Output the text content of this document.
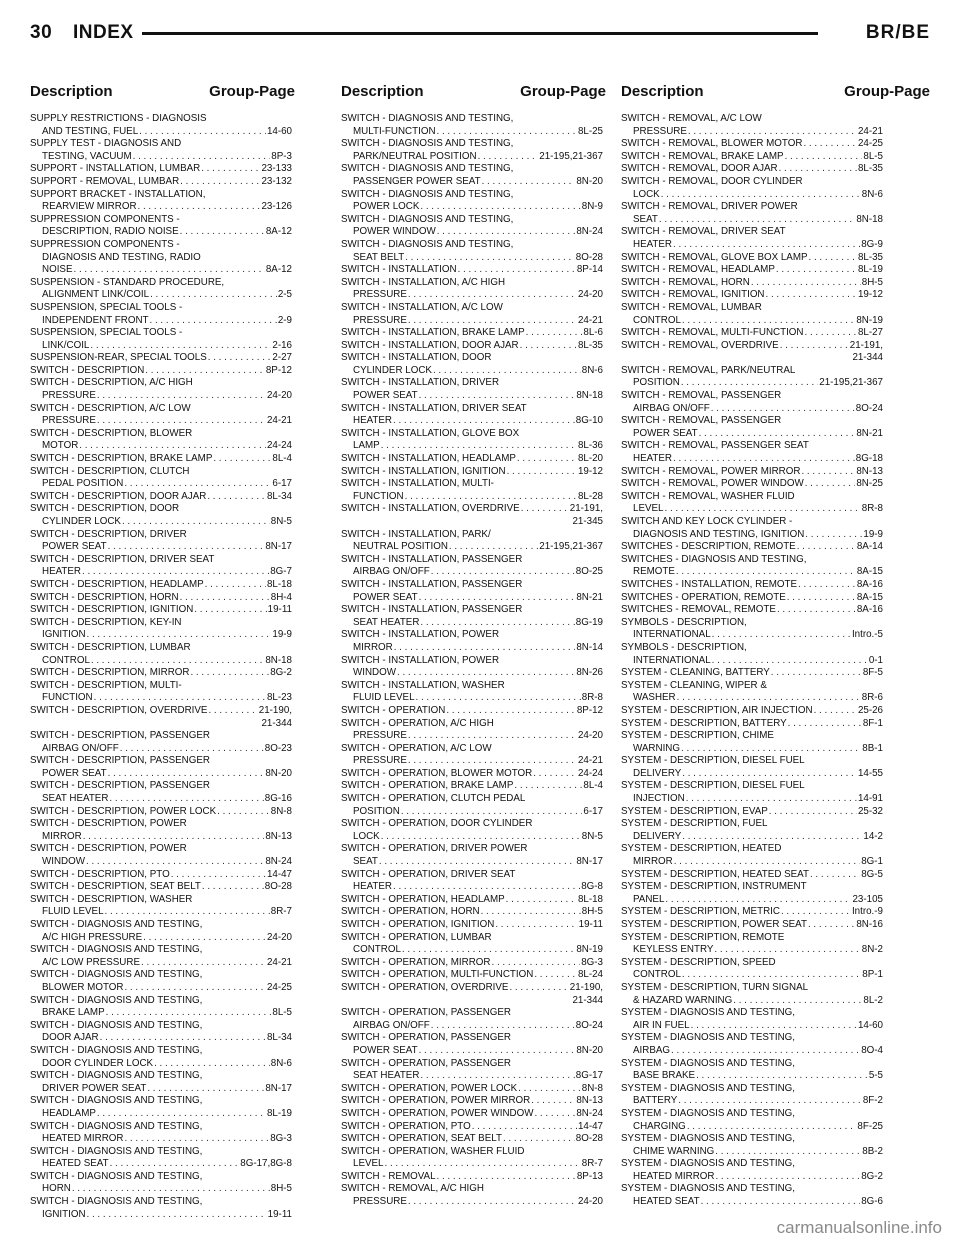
30 INDEX	BR/BE
Description	Group-Page	Description	Group-Page Description	Group-Page
SUPPLY RESTRICTIONS - DIAGNOSIS
AND TESTING, FUEL . . .	14-60
SUPPLY TEST - DIAGNOSIS AND
TESTING, VACUUM . . .	8P-3
SUPPORT - INSTALLATION, LUMBAR . . .	23-133
SUPPORT - REMOVAL, LUMBAR . . .	23-132
SUPPORT BRACKET - INSTALLATION,
REARVIEW MIRROR . . .	23-126
SUPPRESSION COMPONENTS -
DESCRIPTION, RADIO NOISE . . .	8A-12
SUPPRESSION COMPONENTS -
DIAGNOSIS AND TESTING, RADIO
NOISE . . .	8A-12
SUSPENSION - STANDARD PROCEDURE,
ALIGNMENT LINK/COIL . . .	2-5
SUSPENSION, SPECIAL TOOLS -
INDEPENDENT FRONT . . .	2-9
SUSPENSION, SPECIAL TOOLS -
LINK/COIL . . .	2-16
SUSPENSION-REAR, SPECIAL TOOLS . . .	2-27
SWITCH - DESCRIPTION . . .	8P-12
SWITCH - DESCRIPTION, A/C HIGH
PRESSURE . . .	24-20
SWITCH - DESCRIPTION, A/C LOW
PRESSURE . . .	24-21
SWITCH - DESCRIPTION, BLOWER
MOTOR . . .	24-24
SWITCH - DESCRIPTION, BRAKE LAMP . . .	8L-4
SWITCH - DESCRIPTION, CLUTCH
PEDAL POSITION . . .	6-17
SWITCH - DESCRIPTION, DOOR AJAR . . .	8L-34
SWITCH - DESCRIPTION, DOOR
CYLINDER LOCK . . .	8N-5
SWITCH - DESCRIPTION, DRIVER
POWER SEAT . . .	8N-17
SWITCH - DESCRIPTION, DRIVER SEAT
HEATER . . .	8G-7
SWITCH - DESCRIPTION, HEADLAMP . . .	8L-18
SWITCH - DESCRIPTION, HORN . . .	8H-4
SWITCH - DESCRIPTION, IGNITION . . .	19-11
SWITCH - DESCRIPTION, KEY-IN
IGNITION . . .	19-9
SWITCH - DESCRIPTION, LUMBAR
CONTROL . . .	8N-18
SWITCH - DESCRIPTION, MIRROR . . .	8G-2
SWITCH - DESCRIPTION, MULTI-
FUNCTION . . .	8L-23
SWITCH - DESCRIPTION, OVERDRIVE . . .	21-190,
21-344
SWITCH - DESCRIPTION, PASSENGER
AIRBAG ON/OFF . . .	8O-23
SWITCH - DESCRIPTION, PASSENGER
POWER SEAT . . .	8N-20
SWITCH - DESCRIPTION, PASSENGER
SEAT HEATER . . .	8G-16
SWITCH - DESCRIPTION, POWER LOCK . . .	8N-8
SWITCH - DESCRIPTION, POWER
MIRROR . . .	8N-13
SWITCH - DESCRIPTION, POWER
WINDOW . . .	8N-24
SWITCH - DESCRIPTION, PTO . . .	14-47
SWITCH - DESCRIPTION, SEAT BELT . . .	8O-28
SWITCH - DESCRIPTION, WASHER
FLUID LEVEL . . .	8R-7
SWITCH - DIAGNOSIS AND TESTING,
A/C HIGH PRESSURE . . .	24-20
SWITCH - DIAGNOSIS AND TESTING,
A/C LOW PRESSURE . . .	24-21
SWITCH - DIAGNOSIS AND TESTING,
BLOWER MOTOR . . .	24-25
SWITCH - DIAGNOSIS AND TESTING,
BRAKE LAMP . . .	8L-5
SWITCH - DIAGNOSIS AND TESTING,
DOOR AJAR . . .	8L-34
SWITCH - DIAGNOSIS AND TESTING,
DOOR CYLINDER LOCK . . .	8N-6
SWITCH - DIAGNOSIS AND TESTING,
DRIVER POWER SEAT . . .	8N-17
SWITCH - DIAGNOSIS AND TESTING,
HEADLAMP . . .	8L-19
SWITCH - DIAGNOSIS AND TESTING,
HEATED MIRROR . . .	8G-3
SWITCH - DIAGNOSIS AND TESTING,
HEATED SEAT . . .	8G-17,8G-8
SWITCH - DIAGNOSIS AND TESTING,
HORN . . .	8H-5
SWITCH - DIAGNOSIS AND TESTING,
IGNITION . . .	19-11
SWITCH - DIAGNOSIS AND TESTING,
MULTI-FUNCTION . . .	8L-25
SWITCH - DIAGNOSIS AND TESTING,
PARK/NEUTRAL POSITION . . .	21-195,21-367
SWITCH - DIAGNOSIS AND TESTING,
PASSENGER POWER SEAT . . .	8N-20
SWITCH - DIAGNOSIS AND TESTING,
POWER LOCK . . .	8N-9
SWITCH - DIAGNOSIS AND TESTING,
POWER WINDOW . . .	8N-24
SWITCH - DIAGNOSIS AND TESTING,
SEAT BELT . . .	8O-28
SWITCH - INSTALLATION . . .	8P-14
SWITCH - INSTALLATION, A/C HIGH
PRESSURE . . .	24-20
SWITCH - INSTALLATION, A/C LOW
PRESSURE . . .	24-21
SWITCH - INSTALLATION, BRAKE LAMP . . .	8L-6
SWITCH - INSTALLATION, DOOR AJAR . . .	8L-35
SWITCH - INSTALLATION, DOOR
CYLINDER LOCK . . .	8N-6
SWITCH - INSTALLATION, DRIVER
POWER SEAT . . .	8N-18
SWITCH - INSTALLATION, DRIVER SEAT
HEATER . . .	8G-10
SWITCH - INSTALLATION, GLOVE BOX
LAMP . . .	8L-36
SWITCH - INSTALLATION, HEADLAMP . . .	8L-20
SWITCH - INSTALLATION, IGNITION . . .	19-12
SWITCH - INSTALLATION, MULTI-
FUNCTION . . .	8L-28
SWITCH - INSTALLATION, OVERDRIVE . . .	21-191,
21-345
SWITCH - INSTALLATION, PARK/
NEUTRAL POSITION . . .	21-195,21-367
SWITCH - INSTALLATION, PASSENGER
AIRBAG ON/OFF . . .	8O-25
SWITCH - INSTALLATION, PASSENGER
POWER SEAT . . .	8N-21
SWITCH - INSTALLATION, PASSENGER
SEAT HEATER . . .	8G-19
SWITCH - INSTALLATION, POWER
MIRROR . . .	8N-14
SWITCH - INSTALLATION, POWER
WINDOW . . .	8N-26
SWITCH - INSTALLATION, WASHER
FLUID LEVEL . . .	8R-8
SWITCH - OPERATION . . .	8P-12
SWITCH - OPERATION, A/C HIGH
PRESSURE . . .	24-20
SWITCH - OPERATION, A/C LOW
PRESSURE . . .	24-21
SWITCH - OPERATION, BLOWER MOTOR . . .	24-24
SWITCH - OPERATION, BRAKE LAMP . . .	8L-4
SWITCH - OPERATION, CLUTCH PEDAL
POSITION . . .	6-17
SWITCH - OPERATION, DOOR CYLINDER
LOCK . . .	8N-5
SWITCH - OPERATION, DRIVER POWER
SEAT . . .	8N-17
SWITCH - OPERATION, DRIVER SEAT
HEATER . . .	8G-8
SWITCH - OPERATION, HEADLAMP . . .	8L-18
SWITCH - OPERATION, HORN . . .	8H-5
SWITCH - OPERATION, IGNITION . . .	19-11
SWITCH - OPERATION, LUMBAR
CONTROL . . .	8N-19
SWITCH - OPERATION, MIRROR . . .	8G-3
SWITCH - OPERATION, MULTI-FUNCTION . . .	8L-24
SWITCH - OPERATION, OVERDRIVE . . .	21-190,
21-344
SWITCH - OPERATION, PASSENGER
AIRBAG ON/OFF . . .	8O-24
SWITCH - OPERATION, PASSENGER
POWER SEAT . . .	8N-20
SWITCH - OPERATION, PASSENGER
SEAT HEATER . . .	8G-17
SWITCH - OPERATION, POWER LOCK . . .	8N-8
SWITCH - OPERATION, POWER MIRROR . . .	8N-13
SWITCH - OPERATION, POWER WINDOW . . .	8N-24
SWITCH - OPERATION, PTO . . .	14-47
SWITCH - OPERATION, SEAT BELT . . .	8O-28
SWITCH - OPERATION, WASHER FLUID
LEVEL . . .	8R-7
SWITCH - REMOVAL . . .	8P-13
SWITCH - REMOVAL, A/C HIGH
PRESSURE . . .	24-20
SWITCH - REMOVAL, A/C LOW
PRESSURE . . .	24-21
SWITCH - REMOVAL, BLOWER MOTOR . . .	24-25
SWITCH - REMOVAL, BRAKE LAMP . . .	8L-5
SWITCH - REMOVAL, DOOR AJAR . . .	8L-35
SWITCH - REMOVAL, DOOR CYLINDER
LOCK . . .	8N-6
SWITCH - REMOVAL, DRIVER POWER
SEAT . . .	8N-18
SWITCH - REMOVAL, DRIVER SEAT
HEATER . . .	8G-9
SWITCH - REMOVAL, GLOVE BOX LAMP . . .	8L-35
SWITCH - REMOVAL, HEADLAMP . . .	8L-19
SWITCH - REMOVAL, HORN . . .	8H-5
SWITCH - REMOVAL, IGNITION . . .	19-12
SWITCH - REMOVAL, LUMBAR
CONTROL . . .	8N-19
SWITCH - REMOVAL, MULTI-FUNCTION . . .	8L-27
SWITCH - REMOVAL, OVERDRIVE . . .	21-191,
21-344
SWITCH - REMOVAL, PARK/NEUTRAL
POSITION . . .	21-195,21-367
SWITCH - REMOVAL, PASSENGER
AIRBAG ON/OFF . . .	8O-24
SWITCH - REMOVAL, PASSENGER
POWER SEAT . . .	8N-21
SWITCH - REMOVAL, PASSENGER SEAT
HEATER . . .	8G-18
SWITCH - REMOVAL, POWER MIRROR . . .	8N-13
SWITCH - REMOVAL, POWER WINDOW . . .	8N-25
SWITCH - REMOVAL, WASHER FLUID
LEVEL . . .	8R-8
SWITCH AND KEY LOCK CYLINDER -
DIAGNOSIS AND TESTING, IGNITION . . .	19-9
SWITCHES - DESCRIPTION, REMOTE . . .	8A-14
SWITCHES - DIAGNOSIS AND TESTING,
REMOTE . . .	8A-15
SWITCHES - INSTALLATION, REMOTE . . .	8A-16
SWITCHES - OPERATION, REMOTE . . .	8A-15
SWITCHES - REMOVAL, REMOTE . . .	8A-16
SYMBOLS - DESCRIPTION,
INTERNATIONAL . . .	Intro.-5
SYMBOLS - DESCRIPTION,
INTERNATIONAL . . .	0-1
SYSTEM - CLEANING, BATTERY . . .	8F-5
SYSTEM - CLEANING, WIPER &
WASHER . . .	8R-6
SYSTEM - DESCRIPTION, AIR INJECTION . . .	25-26
SYSTEM - DESCRIPTION, BATTERY . . .	8F-1
SYSTEM - DESCRIPTION, CHIME
WARNING . . .	8B-1
SYSTEM - DESCRIPTION, DIESEL FUEL
DELIVERY . . .	14-55
SYSTEM - DESCRIPTION, DIESEL FUEL
INJECTION . . .	14-91
SYSTEM - DESCRIPTION, EVAP . . .	25-32
SYSTEM - DESCRIPTION, FUEL
DELIVERY . . .	14-2
SYSTEM - DESCRIPTION, HEATED
MIRROR . . .	8G-1
SYSTEM - DESCRIPTION, HEATED SEAT . . .	8G-5
SYSTEM - DESCRIPTION, INSTRUMENT
PANEL . . .	23-105
SYSTEM - DESCRIPTION, METRIC . . .	Intro.-9
SYSTEM - DESCRIPTION, POWER SEAT . . .	8N-16
SYSTEM - DESCRIPTION, REMOTE
KEYLESS ENTRY . . .	8N-2
SYSTEM - DESCRIPTION, SPEED
CONTROL . . .	8P-1
SYSTEM - DESCRIPTION, TURN SIGNAL
& HAZARD WARNING . . .	8L-2
SYSTEM - DIAGNOSIS AND TESTING,
AIR IN FUEL . . .	14-60
SYSTEM - DIAGNOSIS AND TESTING,
AIRBAG . . .	8O-4
SYSTEM - DIAGNOSIS AND TESTING,
BASE BRAKE . . .	5-5
SYSTEM - DIAGNOSIS AND TESTING,
BATTERY . . .	8F-2
SYSTEM - DIAGNOSIS AND TESTING,
CHARGING . . .	8F-25
SYSTEM - DIAGNOSIS AND TESTING,
CHIME WARNING . . .	8B-2
SYSTEM - DIAGNOSIS AND TESTING,
HEATED MIRROR . . .	8G-2
SYSTEM - DIAGNOSIS AND TESTING,
HEATED SEAT . . .	8G-6
carmanualsonline.info
